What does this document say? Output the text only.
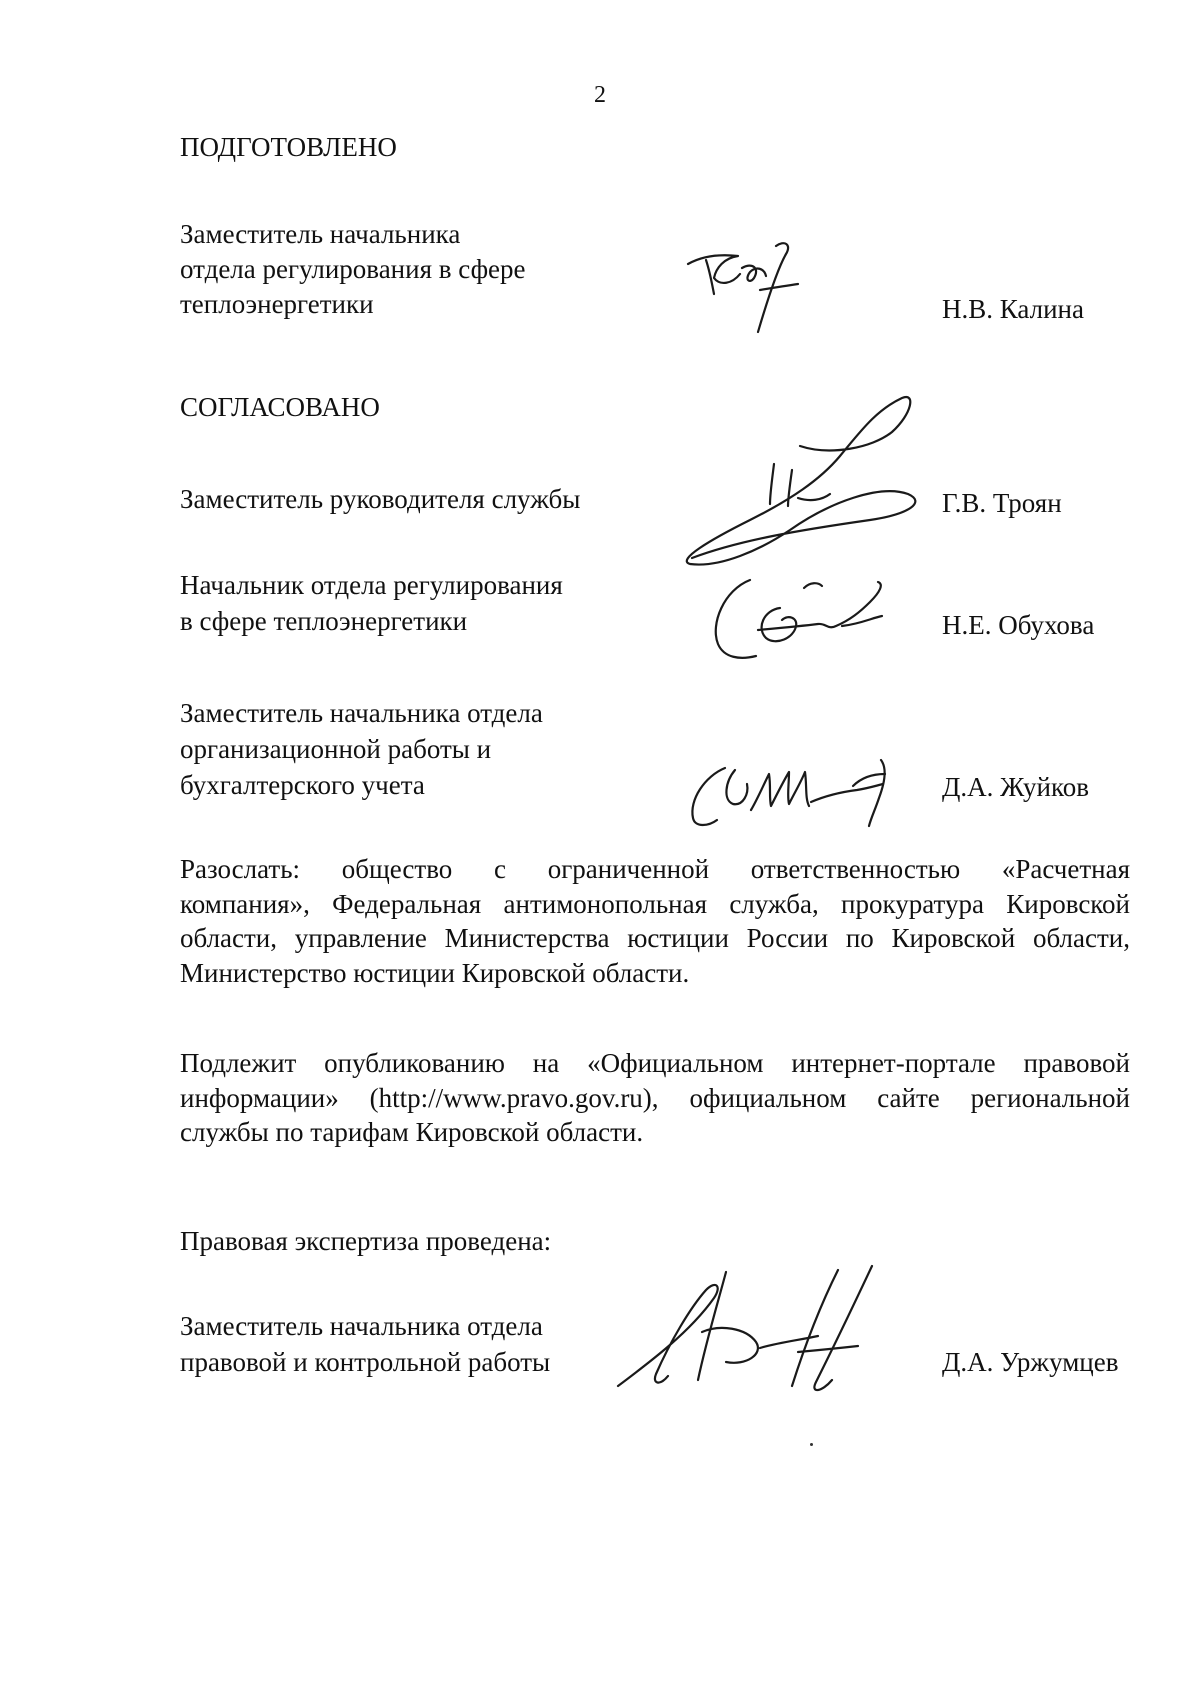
2
ПОДГОТОВЛЕНО
Заместитель начальника
отдела регулирования в сфере
теплоэнергетики	Н.В. Калина
СОГЛАСОВАНО
Заместитель руководителя службы	Г.В. Троян
Начальник отдела регулирования
в сфере теплоэнергетики	Н.Е. Обухова
Заместитель начальника отдела
организационной работы и
бухгалтерского учета	Д.А. Жуйков
Разослать: общество с ограниченной ответственностью «Расчетная
компания», Федеральная антимонопольная служба, прокуратура Кировской
области, управление Министерства юстиции России по Кировской области,
Министерство юстиции Кировской области.
Подлежит опубликованию на «Официальном интернет-портале правовой
информации» (http://www.pravo.gov.ru), официальном сайте региональной
службы по тарифам Кировской области.
Правовая экспертиза проведена:
Заместитель начальника отдела
правовой и контрольной работы	Д.А. Уржумцев
